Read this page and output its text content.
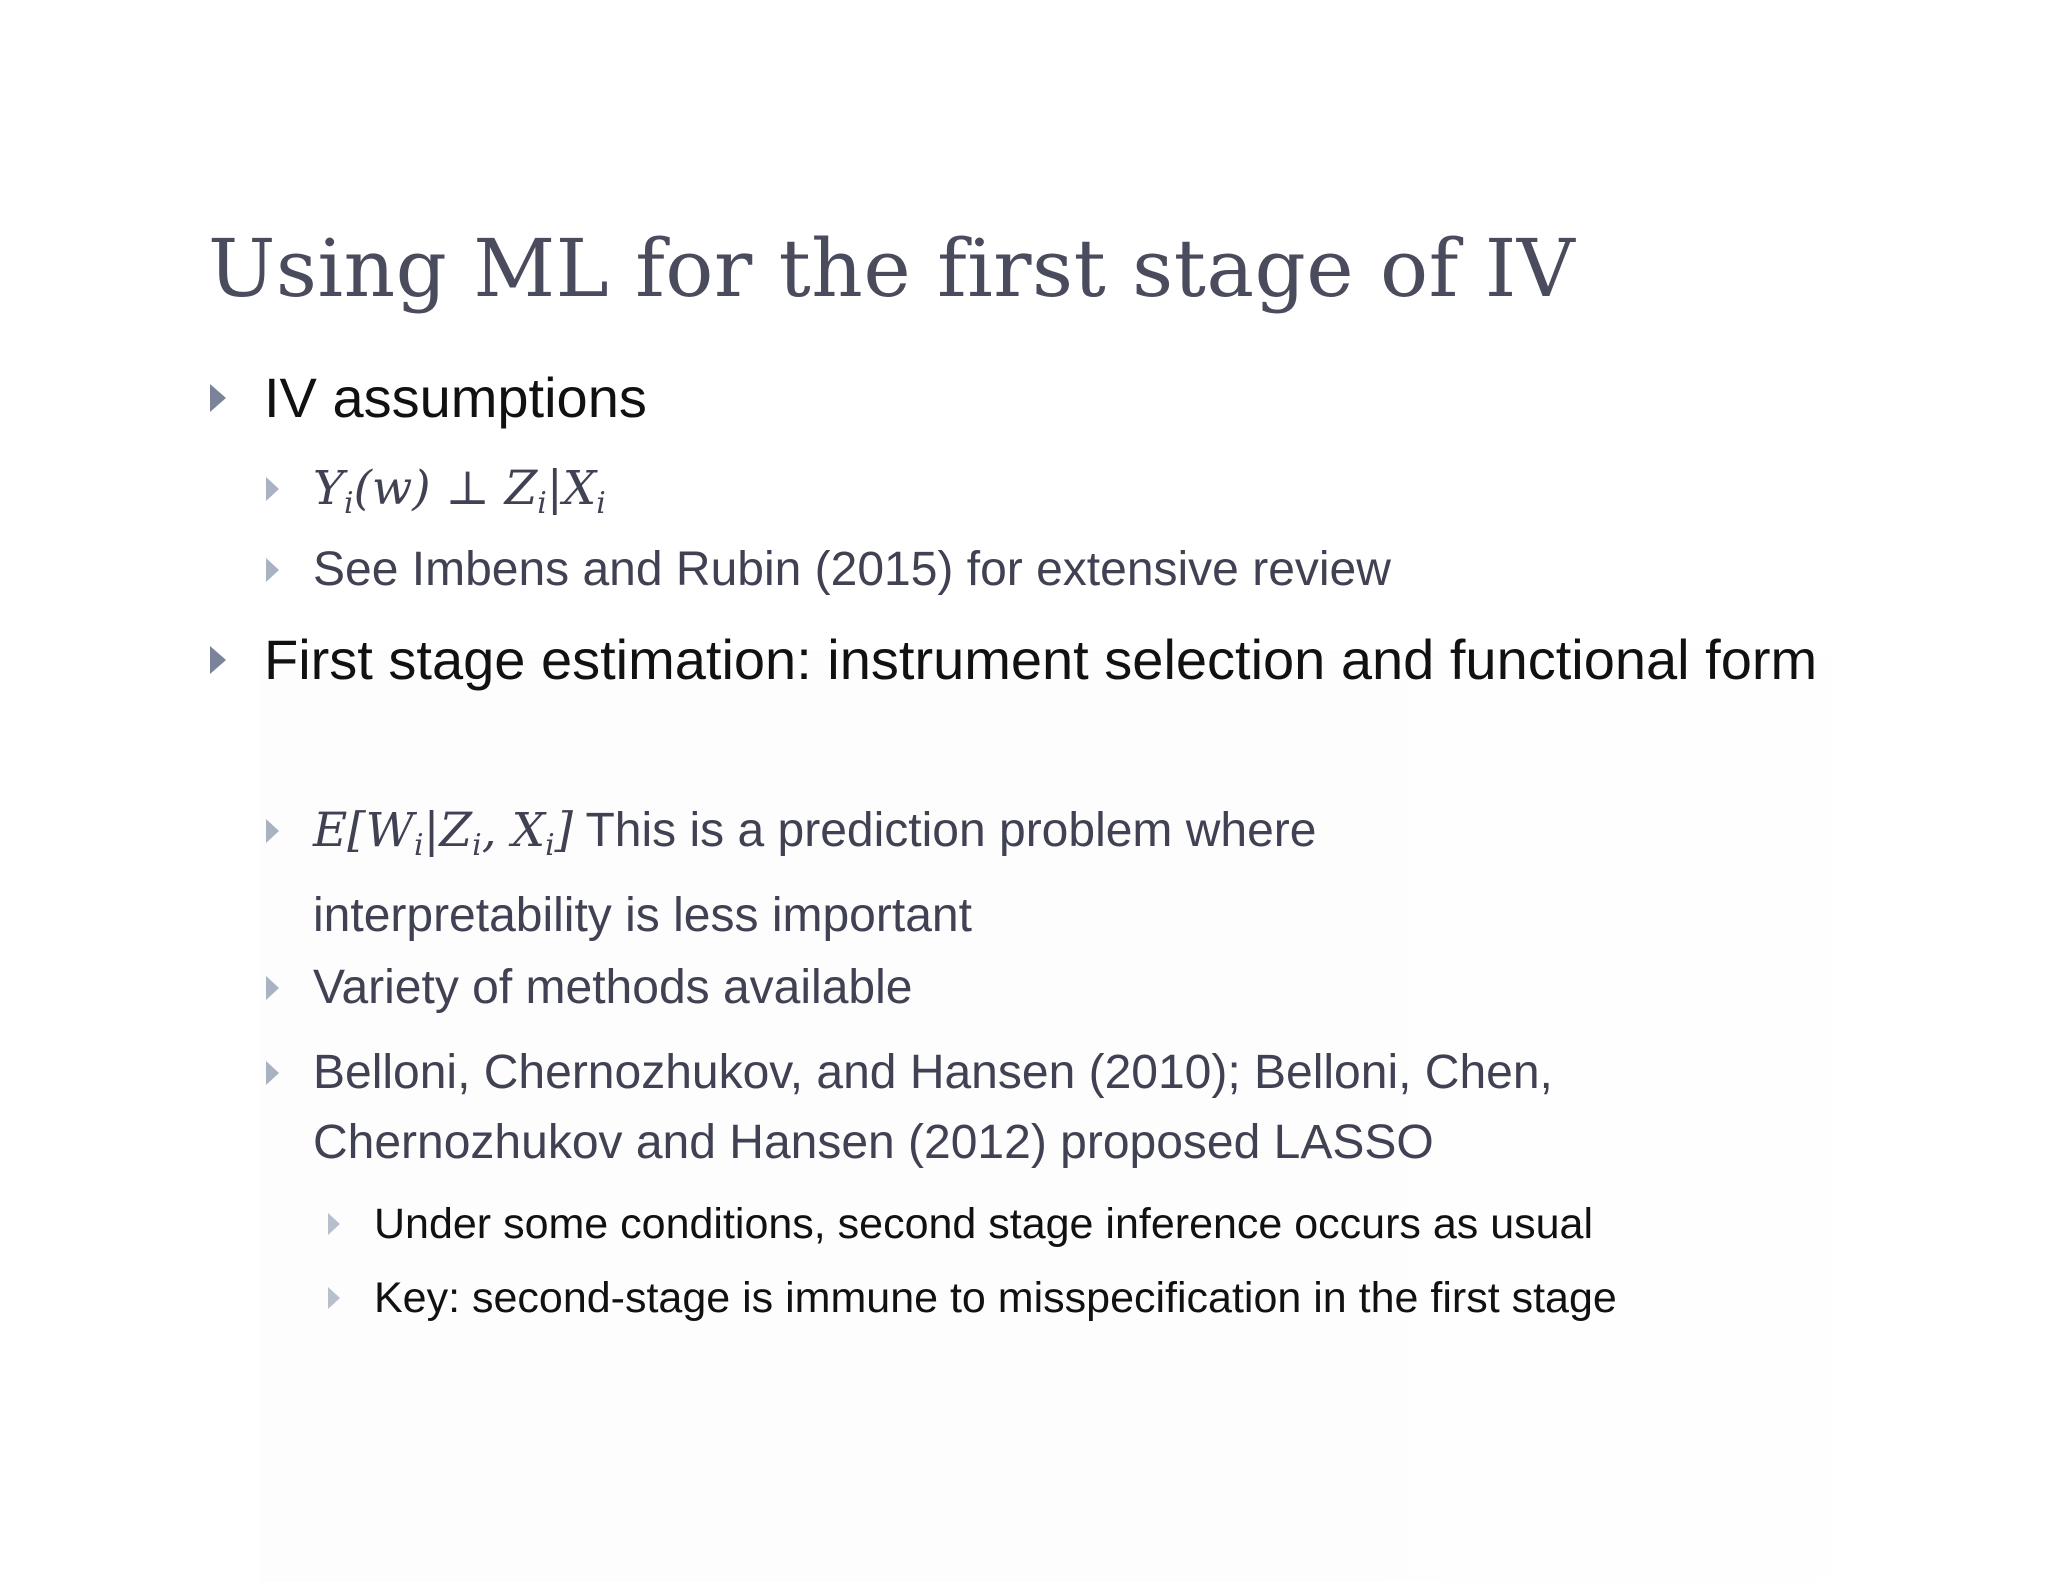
Using ML for the first stage of IV
IV assumptions
$Y_i(w)$ ⊥ $Z_i|X_i$
See Imbens and Rubin (2015) for extensive review
First stage estimation: instrument selection and functional form
$E[W_i|Z_i$, $X_i$] This is a prediction problem where interpretability is less important
Variety of methods available
Belloni, Chernozhukov, and Hansen (2010); Belloni, Chen, Chernozhukov and Hansen (2012) proposed LASSO
Under some conditions, second stage inference occurs as usual
Key: second-stage is immune to misspecification in the first stage
